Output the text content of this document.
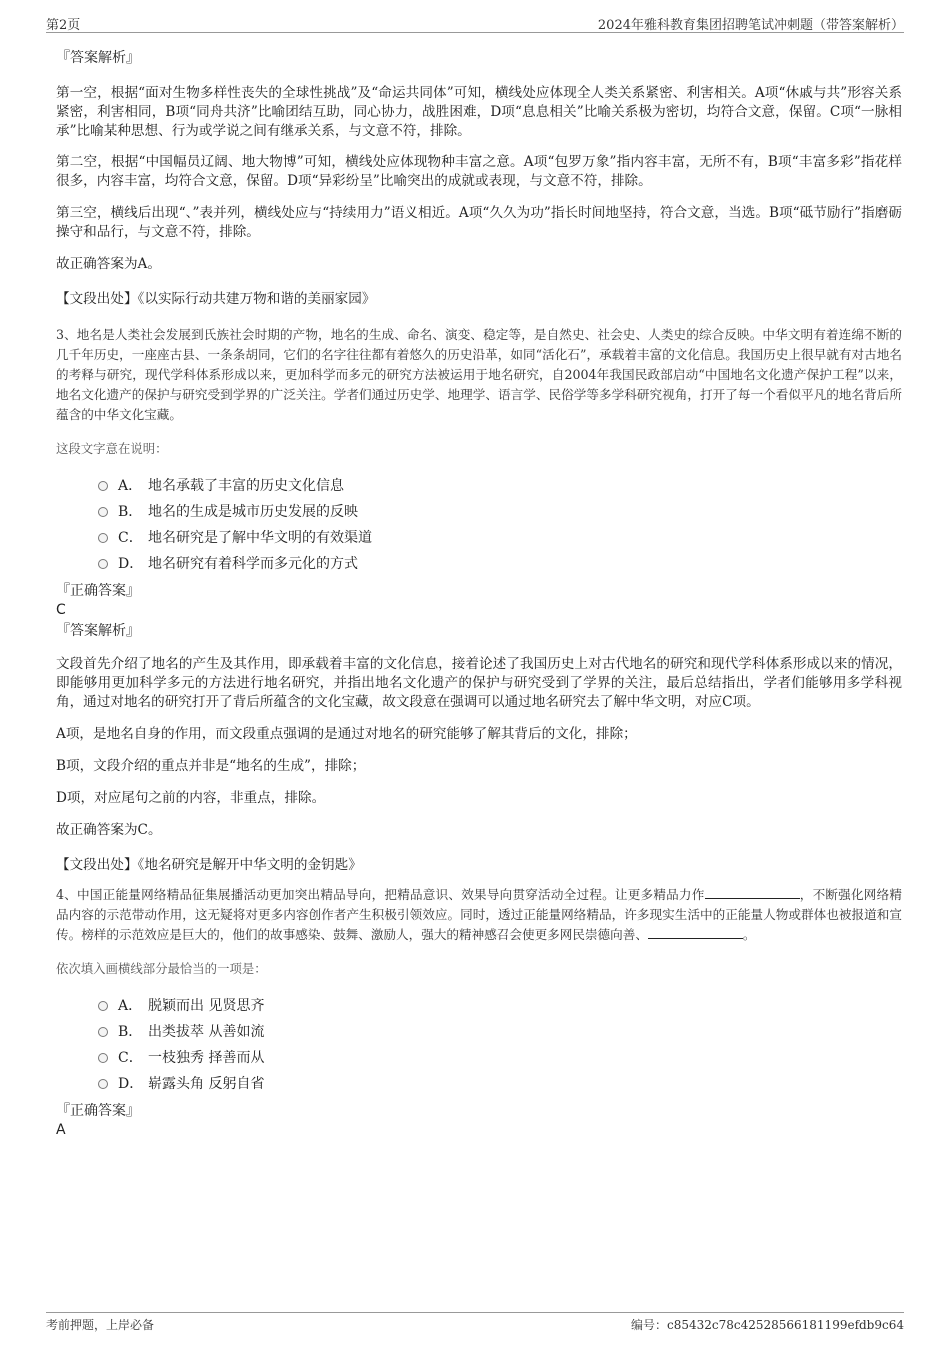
第2页	2024年雅科教育集团招聘笔试冲刺题（带答案解析）
『答案解析』

第一空，根据“面对生物多样性丧失的全球性挑战”及“命运共同体”可知，横线处应体现全人类关系紧密、利害相关。A项“休戚与共”形容关系紧密，利害相同，B项“同舟共济”比喻团结互助，同心协力，战胜困难，D项“息息相关”比喻关系极为密切，均符合文意，保留。C项“一脉相承”比喻某种思想、行为或学说之间有继承关系，与文意不符，排除。

第二空，根据“中国幅员辽阔、地大物博”可知，横线处应体现物种丰富之意。A项“包罗万象”指内容丰富，无所不有，B项“丰富多彩”指花样很多，内容丰富，均符合文意，保留。D项“异彩纷呈”比喻突出的成就或表现，与文意不符，排除。

第三空，横线后出现“、”表并列，横线处应与“持续用力”语义相近。A项“久久为功”指长时间地坚持，符合文意，当选。B项“砥节励行”指磨砺操守和品行，与文意不符，排除。

故正确答案为A。

【文段出处】《以实际行动共建万物和谐的美丽家园》

3、地名是人类社会发展到氏族社会时期的产物，地名的生成、命名、演变、稳定等，是自然史、社会史、人类史的综合反映。中华文明有着连绵不断的几千年历史，一座座古县、一条条胡同，它们的名字往往都有着悠久的历史沿革，如同“活化石”，承载着丰富的文化信息。我国历史上很早就有对古地名的考释与研究，现代学科体系形成以来，更加科学而多元的研究方法被运用于地名研究，自2004年我国民政部启动“中国地名文化遗产保护工程”以来，地名文化遗产的保护与研究受到学界的广泛关注。学者们通过历史学、地理学、语言学、民俗学等多学科研究视角，打开了每一个看似平凡的地名背后所蕴含的中华文化宝藏。

这段文字意在说明：

A． 地名承载了丰富的历史文化信息
B． 地名的生成是城市历史发展的反映
C． 地名研究是了解中华文明的有效渠道
D． 地名研究有着科学而多元化的方式
『正确答案』
C
『答案解析』

文段首先介绍了地名的产生及其作用，即承载着丰富的文化信息，接着论述了我国历史上对古代地名的研究和现代学科体系形成以来的情况，即能够用更加科学多元的方法进行地名研究，并指出地名文化遗产的保护与研究受到了学界的关注，最后总结指出，学者们能够用多学科视角，通过对地名的研究打开了背后所蕴含的文化宝藏，故文段意在强调可以通过地名研究去了解中华文明，对应C项。

A项，是地名自身的作用，而文段重点强调的是通过对地名的研究能够了解其背后的文化，排除；

B项，文段介绍的重点并非是“地名的生成”，排除；

D项，对应尾句之前的内容，非重点，排除。

故正确答案为C。

【文段出处】《地名研究是解开中华文明的金钥匙》

4、中国正能量网络精品征集展播活动更加突出精品导向，把精品意识、效果导向贯穿活动全过程。让更多精品力作	，不断强化网络精品内容的示范带动作用，这无疑将对更多内容创作者产生积极引领效应。同时，透过正能量网络精品，许多现实生活中的正能量人物或群体也被报道和宣传。榜样的示范效应是巨大的，他们的故事感染、鼓舞、激励人，强大的精神感召会使更多网民崇德向善、	。

依次填入画横线部分最恰当的一项是：

A． 脱颖而出 见贤思齐
B． 出类拔萃 从善如流
C． 一枝独秀 择善而从
D． 崭露头角 反躬自省
『正确答案』
A
考前押题，上岸必备	编号：c85432c78c42528566181199efdb9c64
